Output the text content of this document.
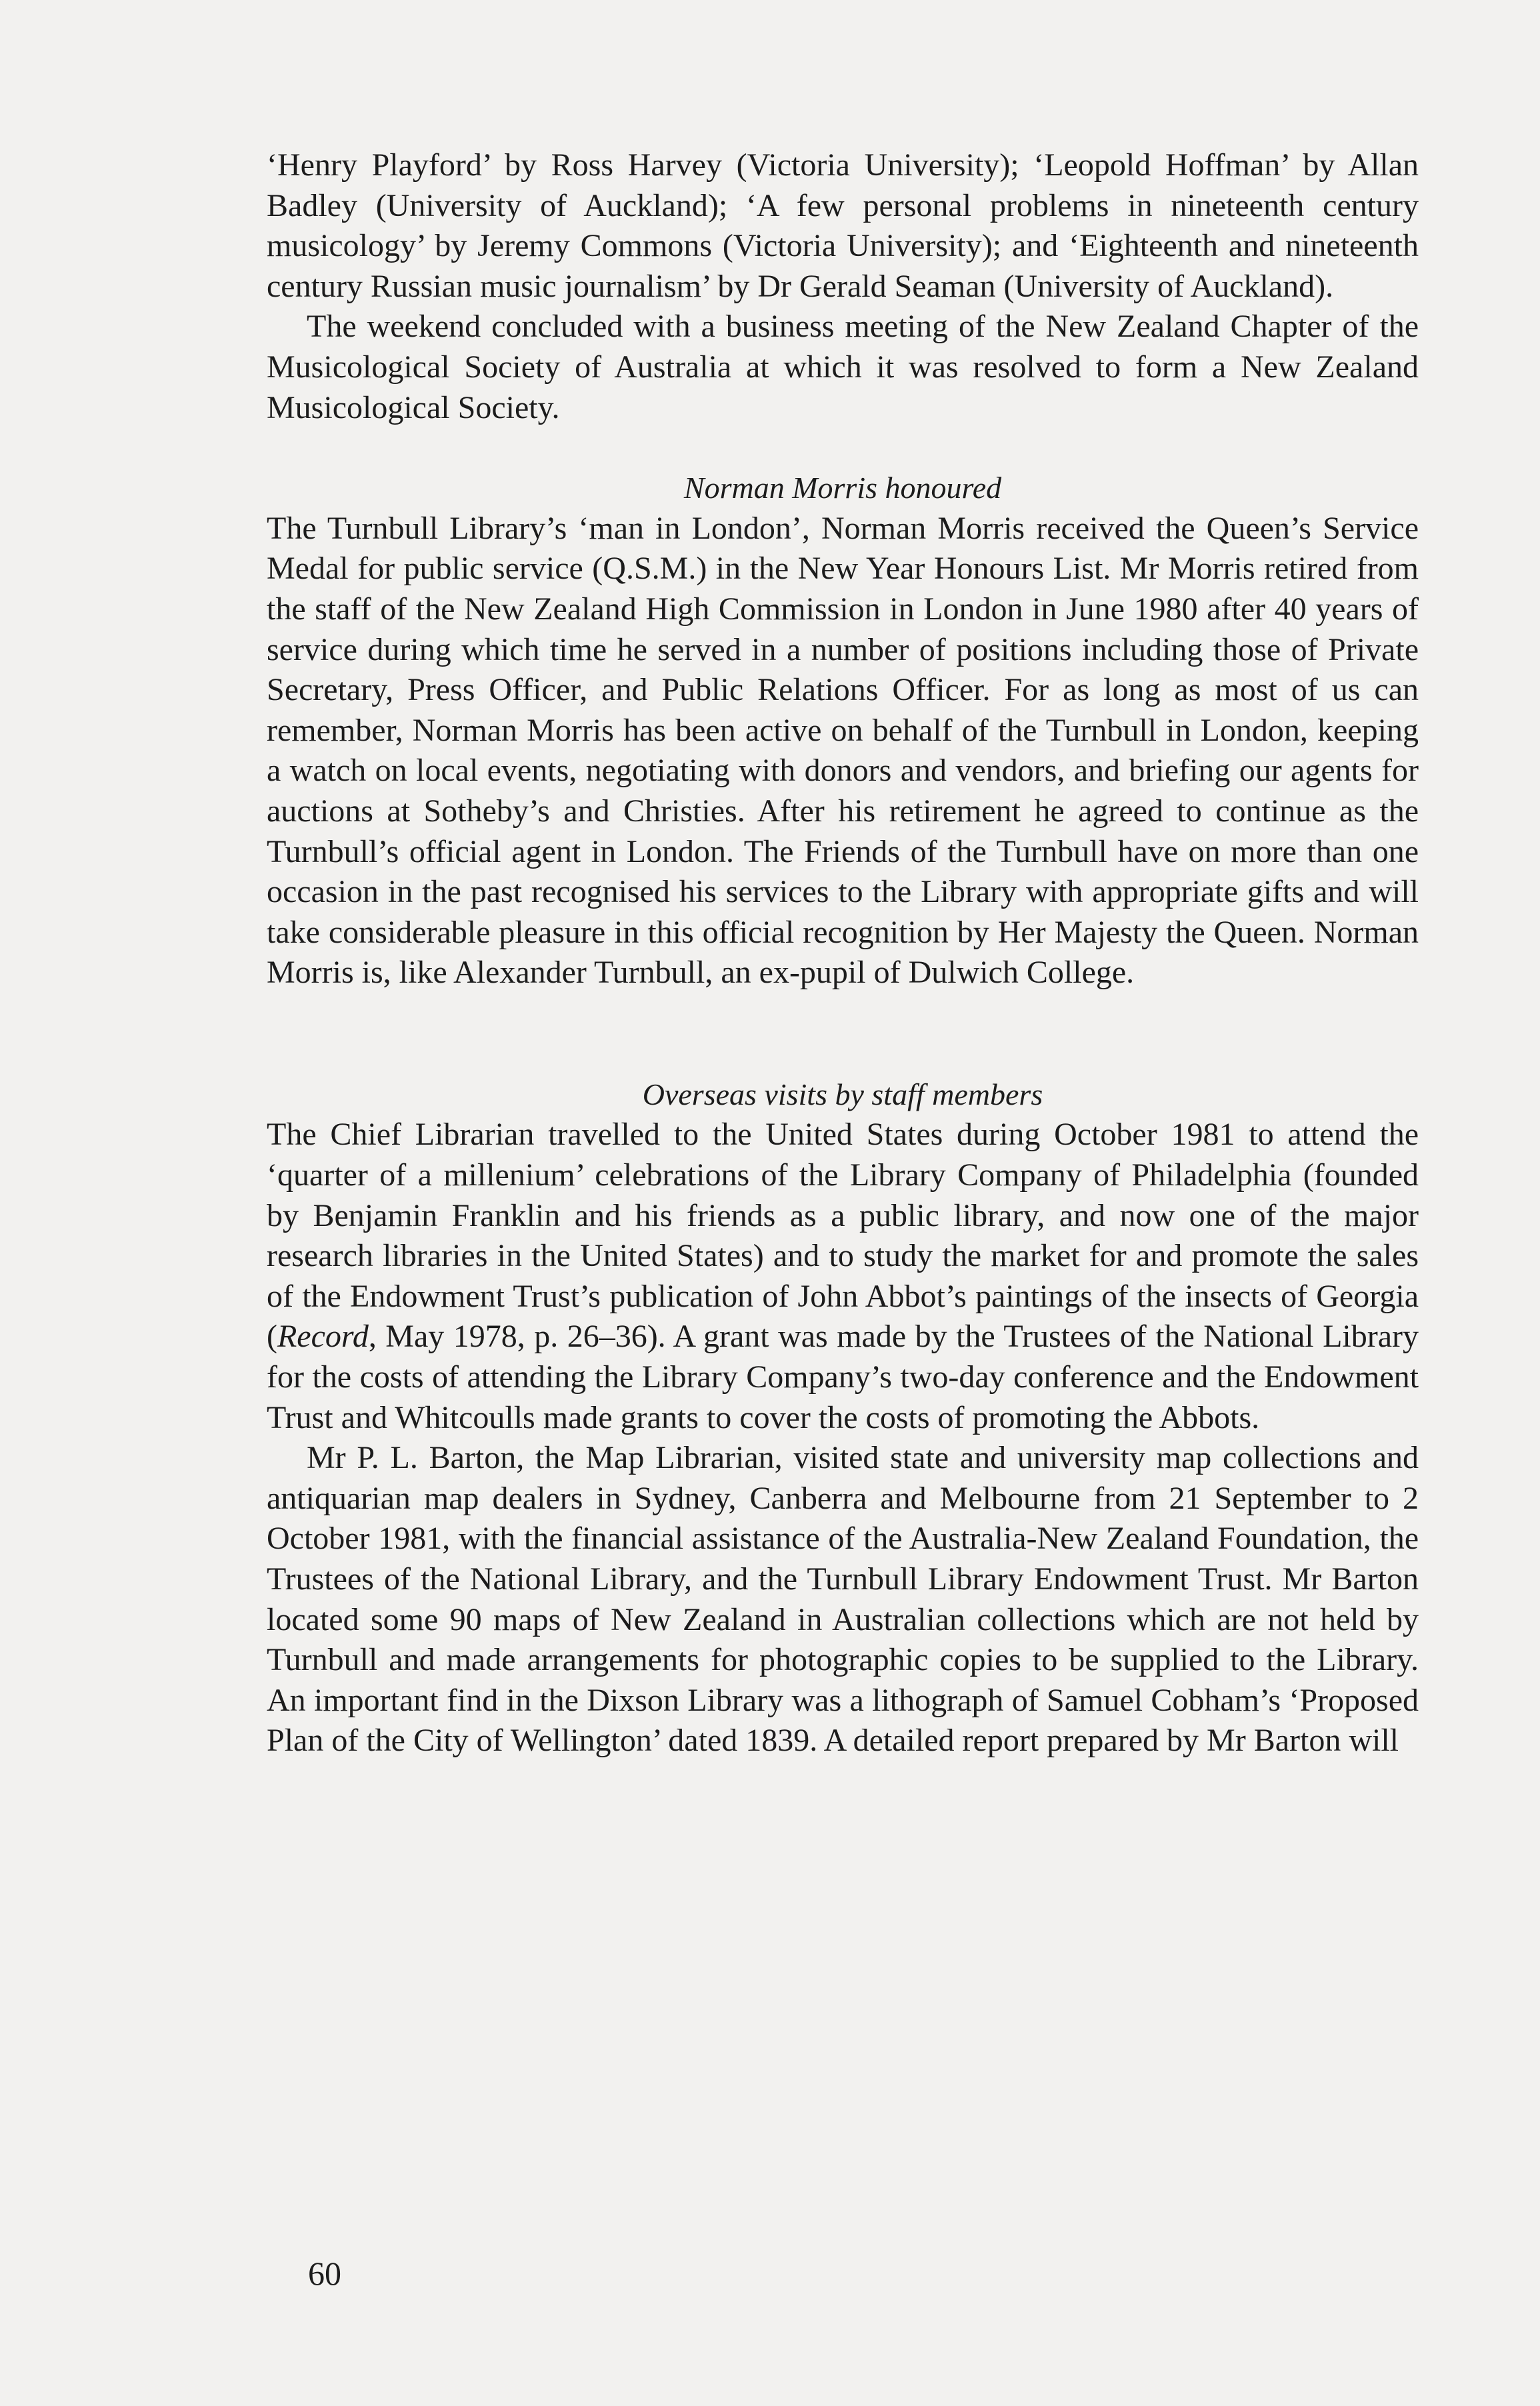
‘Henry Playford’ by Ross Harvey (Victoria University); ‘Leopold Hoffman’ by Allan Badley (University of Auckland); ‘A few personal problems in nineteenth century musicology’ by Jeremy Commons (Victoria University); and ‘Eighteenth and nineteenth century Russian music journalism’ by Dr Gerald Seaman (University of Auckland).

The weekend concluded with a business meeting of the New Zealand Chapter of the Musicological Society of Australia at which it was resolved to form a New Zealand Musicological Society.

Norman Morris honoured

The Turnbull Library’s ‘man in London’, Norman Morris received the Queen’s Service Medal for public service (Q.S.M.) in the New Year Honours List. Mr Morris retired from the staff of the New Zealand High Commission in London in June 1980 after 40 years of service during which time he served in a number of positions including those of Private Secretary, Press Officer, and Public Relations Officer. For as long as most of us can remember, Norman Morris has been active on behalf of the Turnbull in London, keeping a watch on local events, negotiating with donors and vendors, and briefing our agents for auctions at Sotheby’s and Christies. After his retirement he agreed to continue as the Turnbull’s official agent in London. The Friends of the Turnbull have on more than one occasion in the past recognised his services to the Library with appropriate gifts and will take considerable pleasure in this official recognition by Her Majesty the Queen. Norman Morris is, like Alexander Turnbull, an ex-pupil of Dulwich College.

Overseas visits by staff members

The Chief Librarian travelled to the United States during October 1981 to attend the ‘quarter of a millenium’ celebrations of the Library Company of Philadelphia (founded by Benjamin Franklin and his friends as a public library, and now one of the major research libraries in the United States) and to study the market for and promote the sales of the Endowment Trust’s publication of John Abbot’s paintings of the insects of Georgia (Record, May 1978, p. 26–36). A grant was made by the Trustees of the National Library for the costs of attending the Library Company’s two-day conference and the Endowment Trust and Whitcoulls made grants to cover the costs of promoting the Abbots.

Mr P. L. Barton, the Map Librarian, visited state and university map collections and antiquarian map dealers in Sydney, Canberra and Melbourne from 21 September to 2 October 1981, with the financial assistance of the Australia-New Zealand Foundation, the Trustees of the National Library, and the Turnbull Library Endowment Trust. Mr Barton located some 90 maps of New Zealand in Australian collections which are not held by Turnbull and made arrangements for photographic copies to be supplied to the Library. An important find in the Dixson Library was a lithograph of Samuel Cobham’s ‘Proposed Plan of the City of Wellington’ dated 1839. A detailed report prepared by Mr Barton will

60
